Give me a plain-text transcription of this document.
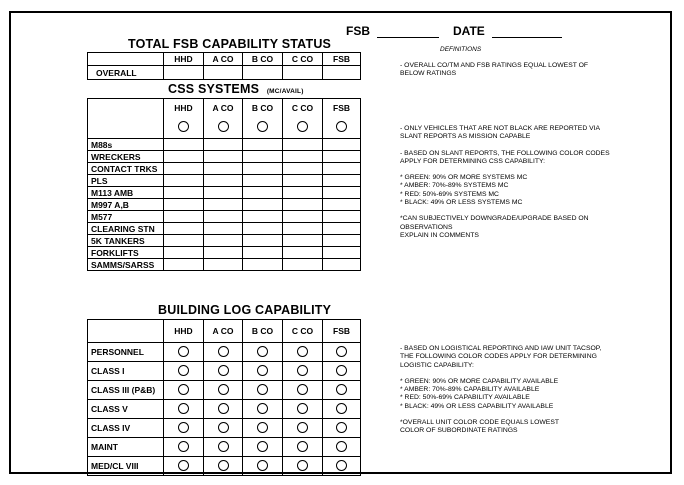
FSB	DATE
DEFINITIONS
TOTAL FSB CAPABILITY STATUS
	HHD	A CO	B CO	C CO	FSB
OVERALL					
CSS SYSTEMS (MC/AVAIL)

	HHD	A CO	B CO	C CO	FSB

M88s					
WRECKERS					
CONTACT TRKS					
PLS					
M113 AMB					
M997 A,B					
M577					
CLEARING STN					
5K TANKERS					
FORKLIFTS					
SAMMS/SARSS					
BUILDING LOG CAPABILITY
	HHD	A CO	B CO	C CO	FSB
PERSONNEL					
CLASS I					
CLASS III (P&B)					
CLASS V					
CLASS IV					
MAINT					
MED/CL VIII					

- OVERALL CO/TM AND FSB RATINGS EQUAL LOWEST OF

BELOW RATINGS

- ONLY VEHICLES THAT ARE NOT BLACK ARE REPORTED VIA

SLANT REPORTS AS MISSION CAPABLE

- BASED ON SLANT REPORTS, THE FOLLOWING COLOR CODES

APPLY FOR DETERMINING CSS CAPABILITY:

* GREEN: 90% OR MORE SYSTEMS MC

* AMBER: 70%-89% SYSTEMS MC

* RED: 50%-69% SYSTEMS MC

* BLACK: 49% OR LESS SYSTEMS MC

*CAN SUBJECTIVELY DOWNGRADE/UPGRADE BASED ON

OBSERVATIONS

EXPLAIN IN COMMENTS

- BASED ON LOGISTICAL REPORTING AND IAW UNIT TACSOP,

THE FOLLOWING COLOR CODES APPLY FOR DETERMINING

LOGISTIC CAPABILITY:

* GREEN: 90% OR MORE CAPABILITY AVAILABLE

* AMBER: 70%-89% CAPABILITY AVAILABLE

* RED: 50%-69% CAPABILITY AVAILABLE

* BLACK: 49% OR LESS CAPABILITY AVAILABLE

*OVERALL UNIT COLOR CODE EQUALS LOWEST

COLOR OF SUBORDINATE RATINGS
